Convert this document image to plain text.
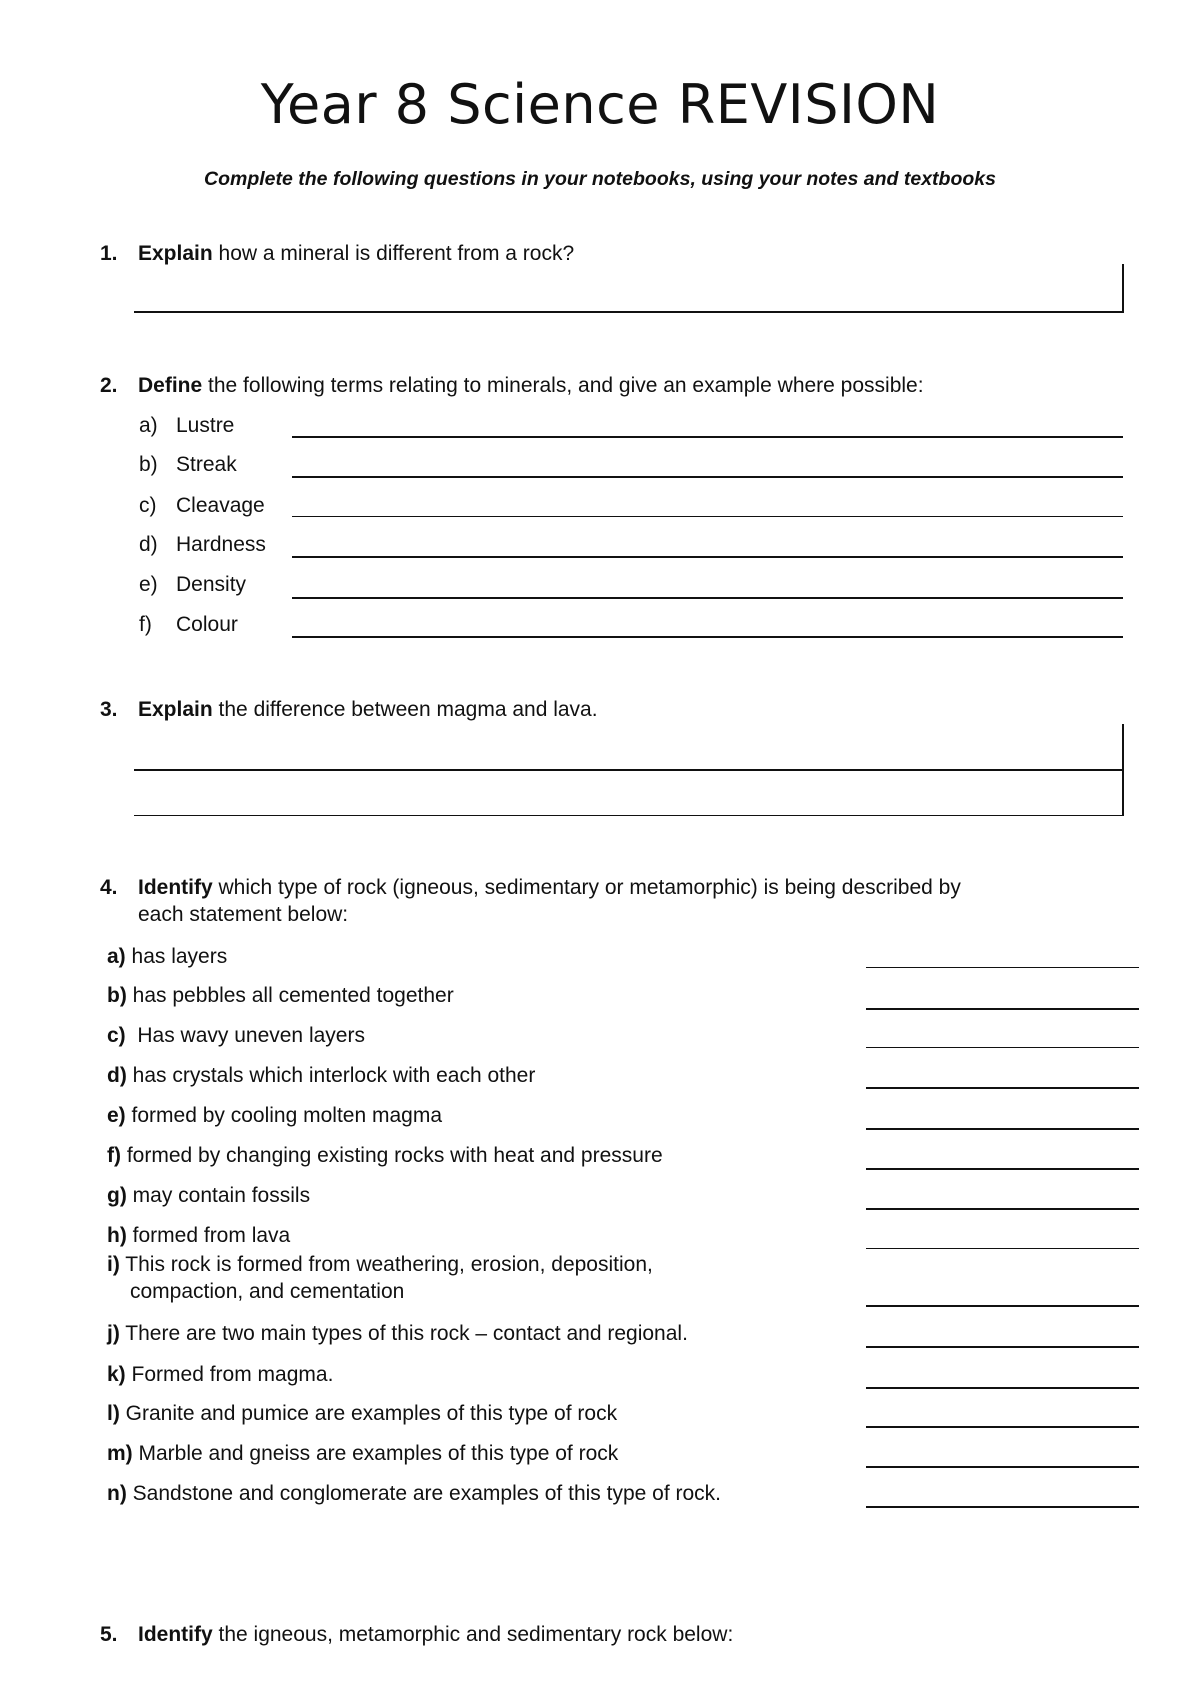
Year 8 Science REVISION
Complete the following questions in your notebooks, using your notes and textbooks
1. Explain how a mineral is different from a rock?
2. Define the following terms relating to minerals, and give an example where possible:
a) Lustre
b) Streak
c) Cleavage
d) Hardness
e) Density
f) Colour
3. Explain the difference between magma and lava.
4. Identify which type of rock (igneous, sedimentary or metamorphic) is being described by
each statement below:
a) has layers
b) has pebbles all cemented together
c)  Has wavy uneven layers
d) has crystals which interlock with each other
e) formed by cooling molten magma
f) formed by changing existing rocks with heat and pressure
g) may contain fossils
h) formed from lava
i) This rock is formed from weathering, erosion, deposition,
compaction, and cementation
j) There are two main types of this rock – contact and regional.
k) Formed from magma.
l) Granite and pumice are examples of this type of rock
m) Marble and gneiss are examples of this type of rock
n) Sandstone and conglomerate are examples of this type of rock.
5. Identify the igneous, metamorphic and sedimentary rock below:
